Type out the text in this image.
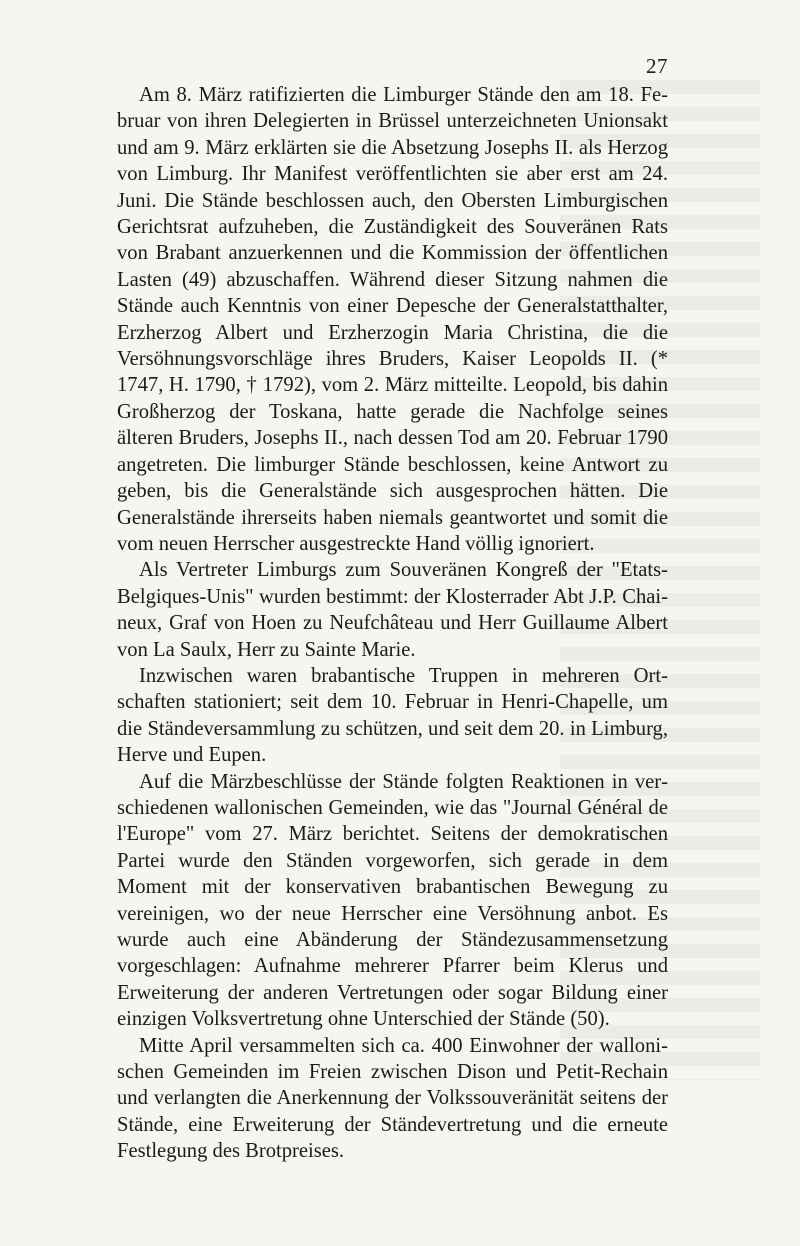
27

Am 8. März ratifizierten die Limburger Stände den am 18. Februar von ihren Delegierten in Brüssel unterzeichneten Unionsakt und am 9. März erklärten sie die Absetzung Josephs II. als Herzog von Limburg. Ihr Manifest veröffentlichten sie aber erst am 24. Juni. Die Stände beschlossen auch, den Obersten Limburgischen Gerichtsrat aufzuheben, die Zuständigkeit des Souveränen Rats von Brabant anzuerkennen und die Kommission der öffentlichen Lasten (49) abzuschaffen. Während dieser Sitzung nahmen die Stände auch Kenntnis von einer Depesche der Generalstatthalter, Erzherzog Albert und Erzherzogin Maria Christina, die die Versöhnungsvorschläge ihres Bruders, Kaiser Leopolds II. (* 1747, H. 1790, † 1792), vom 2. März mitteilte. Leopold, bis dahin Großherzog der Toskana, hatte gerade die Nachfolge seines älteren Bruders, Josephs II., nach dessen Tod am 20. Februar 1790 angetreten. Die limburger Stände beschlossen, keine Antwort zu geben, bis die Generalstände sich ausgesprochen hätten. Die Generalstände ihrerseits haben niemals geantwortet und somit die vom neuen Herrscher ausgestreckte Hand völlig ignoriert.

Als Vertreter Limburgs zum Souveränen Kongreß der "Etats-Belgiques-Unis" wurden bestimmt: der Klosterrader Abt J.P. Chaineux, Graf von Hoen zu Neufchâteau und Herr Guillaume Albert von La Saulx, Herr zu Sainte Marie.

Inzwischen waren brabantische Truppen in mehreren Ortschaften stationiert; seit dem 10. Februar in Henri-Chapelle, um die Ständeversammlung zu schützen, und seit dem 20. in Limburg, Herve und Eupen.

Auf die Märzbeschlüsse der Stände folgten Reaktionen in verschiedenen wallonischen Gemeinden, wie das "Journal Général de l'Europe" vom 27. März berichtet. Seitens der demokratischen Partei wurde den Ständen vorgeworfen, sich gerade in dem Moment mit der konservativen brabantischen Bewegung zu vereinigen, wo der neue Herrscher eine Versöhnung anbot. Es wurde auch eine Abänderung der Ständezusammensetzung vorgeschlagen: Aufnahme mehrerer Pfarrer beim Klerus und Erweiterung der anderen Vertretungen oder sogar Bildung einer einzigen Volksvertretung ohne Unterschied der Stände (50).

Mitte April versammelten sich ca. 400 Einwohner der wallonischen Gemeinden im Freien zwischen Dison und Petit-Rechain und verlangten die Anerkennung der Volkssouveränität seitens der Stände, eine Erweiterung der Ständevertretung und die erneute Festlegung des Brotpreises.
